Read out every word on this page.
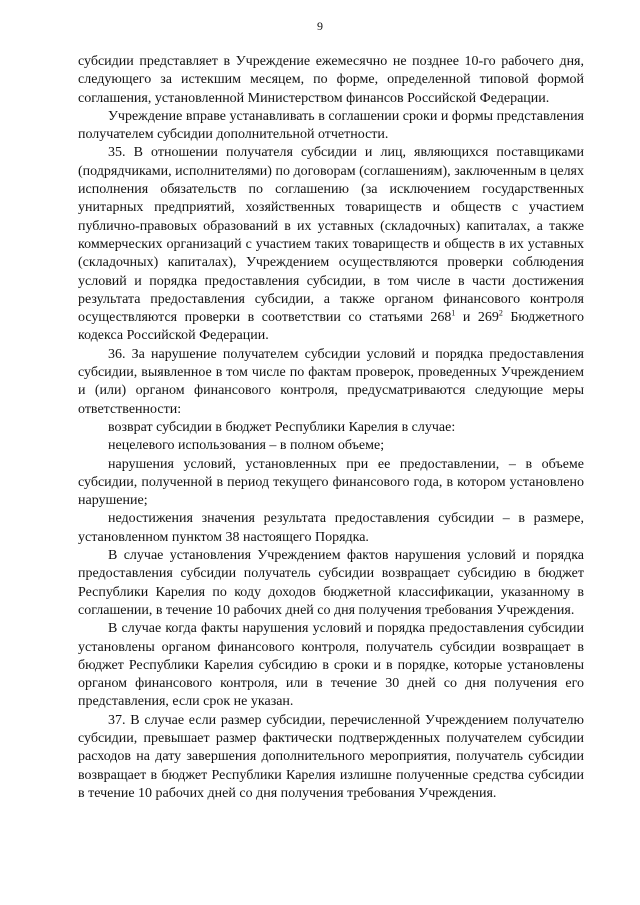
9

субсидии представляет в Учреждение ежемесячно не позднее 10-го рабочего дня, следующего за истекшим месяцем, по форме, определенной типовой формой соглашения, установленной Министерством финансов Российской Федерации.

Учреждение вправе устанавливать в соглашении сроки и формы представления получателем субсидии дополнительной отчетности.

35. В отношении получателя субсидии и лиц, являющихся поставщиками (подрядчиками, исполнителями) по договорам (соглашениям), заключенным в целях исполнения обязательств по соглашению (за исключением государственных унитарных предприятий, хозяйственных товариществ и обществ с участием публично-правовых образований в их уставных (складочных) капиталах, а также коммерческих организаций с участием таких товариществ и обществ в их уставных (складочных) капиталах), Учреждением осуществляются проверки соблюдения условий и порядка предоставления субсидии, в том числе в части достижения результата предоставления субсидии, а также органом финансового контроля осуществляются проверки в соответствии со статьями $268^1$ и $269^2$ Бюджетного кодекса Российской Федерации.

36. За нарушение получателем субсидии условий и порядка предоставления субсидии, выявленное в том числе по фактам проверок, проведенных Учреждением и (или) органом финансового контроля, предусматриваются следующие меры ответственности:

возврат субсидии в бюджет Республики Карелия в случае:

нецелевого использования – в полном объеме;

нарушения условий, установленных при ее предоставлении, – в объеме субсидии, полученной в период текущего финансового года, в котором установлено нарушение;

недостижения значения результата предоставления субсидии – в размере, установленном пунктом 38 настоящего Порядка.

В случае установления Учреждением фактов нарушения условий и порядка предоставления субсидии получатель субсидии возвращает субсидию в бюджет Республики Карелия по коду доходов бюджетной классификации, указанному в соглашении, в течение 10 рабочих дней со дня получения требования Учреждения.

В случае когда факты нарушения условий и порядка предоставления субсидии установлены органом финансового контроля, получатель субсидии возвращает в бюджет Республики Карелия субсидию в сроки и в порядке, которые установлены органом финансового контроля, или в течение 30 дней со дня получения его представления, если срок не указан.

37. В случае если размер субсидии, перечисленной Учреждением получателю субсидии, превышает размер фактически подтвержденных получателем субсидии расходов на дату завершения дополнительного мероприятия, получатель субсидии возвращает в бюджет Республики Карелия излишне полученные средства субсидии в течение 10 рабочих дней со дня получения требования Учреждения.
